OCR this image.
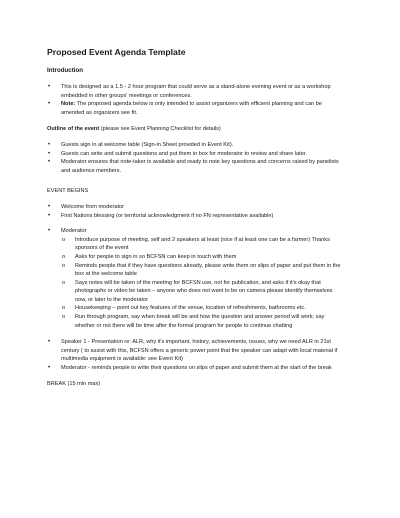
Proposed Event Agenda Template
Introduction
• This is designed as a 1.5 - 2 hour program that could serve as a stand-alone evening event or as a workshop embedded in other groups' meetings or conferences.
• Note: The proposed agenda below is only intended to assist organizers with efficient planning and can be amended as organizers see fit.
Outline of the event (please see Event Planning Checklist for details)
• Guests sign in at welcome table (Sign-in Sheet provided in Event Kit).
• Guests can write and submit questions and put them in box for moderator to review and share later.
• Moderator ensures that note-taker is available and ready to note key questions and concerns raised by panelists and audience members.
EVENT BEGINS
• Welcome from moderator
• First Nations blessing (or territorial acknowledgment if no FN representative available)
• Moderator
o Introduce purpose of meeting, self and 2 speakers at least (nice if at least one can be a farmer) Thanks sponsors of the event
o Asks for people to sign in so BCFSN can keep in touch with them
o Reminds people that if they have questions already, please write them on slips of paper and put them in the box at the welcome table
o Says notes will be taken of the meeting for BCFSN use, not for publication, and asks if it's okay that photographs or video be taken – anyone who does not want to be on camera please identify themselves now, or later to the moderator
o Housekeeping – point out key features of the venue, location of refreshments, bathrooms etc.
o Run through program, say when break will be and how the question and answer period will work; say whether or not there will be time after the formal program for people to continue chatting
• Speaker 1 - Presentation re: ALR, why it's important, history, achievements, issues, why we need ALR in 21st century ( to assist with this, BCFSN offers a generic power point that the speaker can adapt with local material if multimedia equipment is available: see Event Kit)
• Moderator - reminds people to write their questions on slips of paper and submit them at the start of the break
BREAK (15 min max)
